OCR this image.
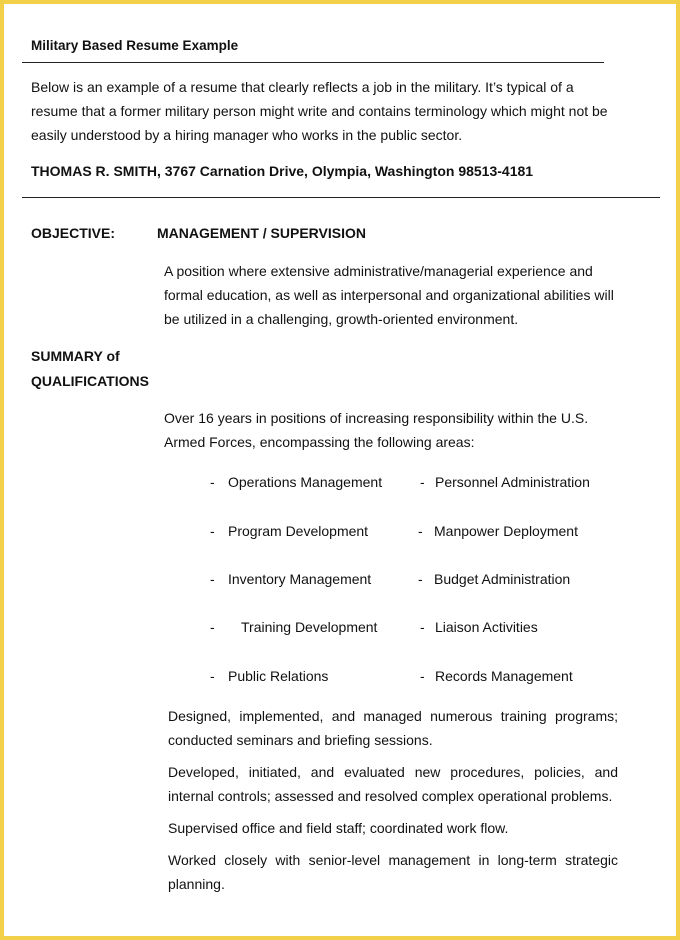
Military Based Resume Example

Below is an example of a resume that clearly reflects a job in the military. It’s typical of a

resume that a former military person might write and contains terminology which might not be

easily understood by a hiring manager who works in the public sector.

THOMAS R. SMITH, 3767 Carnation Drive, Olympia, Washington 98513-4181
OBJECTIVE:	MANAGEMENT / SUPERVISION
A position where extensive administrative/managerial experience and
formal education, as well as interpersonal and organizational abilities will
be utilized in a challenging, growth-oriented environment.
SUMMARY of
QUALIFICATIONS
Over 16 years in positions of increasing responsibility within the U.S.
Armed Forces, encompassing the following areas:
- Operations Management	- Personnel Administration
- Program Development	- Manpower Deployment
- Inventory Management	- Budget Administration
- Training Development	- Liaison Activities
- Public Relations	- Records Management
Designed, implemented, and managed numerous training programs; conducted seminars and briefing sessions.
Developed, initiated, and evaluated new procedures, policies, and internal controls; assessed and resolved complex operational problems.
Supervised office and field staff; coordinated work flow.
Worked closely with senior-level management in long-term strategic planning.
